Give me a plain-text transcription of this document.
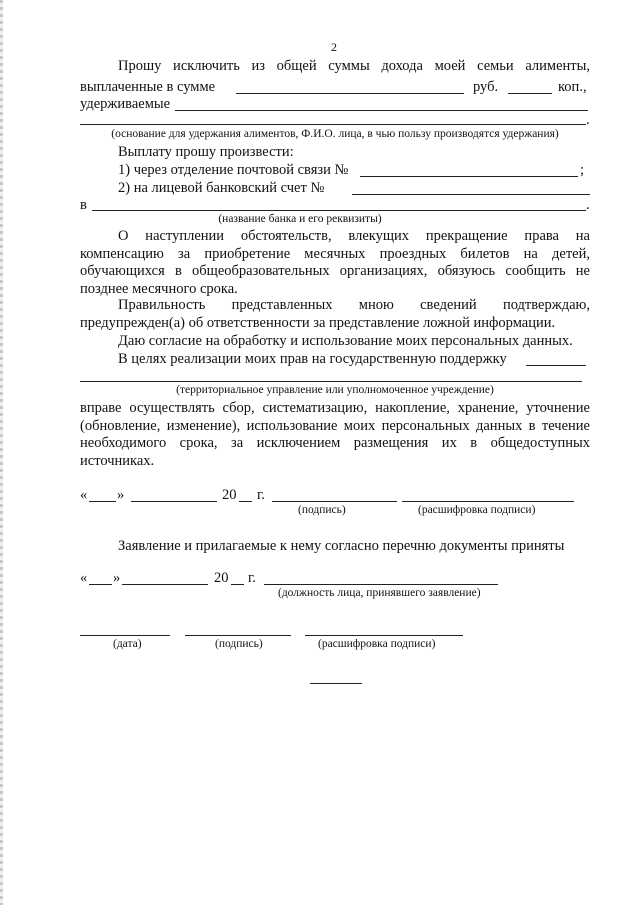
2
Прошу исключить из общей суммы дохода моей семьи алименты,
выплаченные в сумме	руб.	коп.,
удерживаемые
.
(основание для удержания алиментов, Ф.И.О. лица, в чью пользу производятся удержания)
Выплату прошу произвести:
1) через отделение почтовой связи №	;
2) на лицевой банковский счет №
в	.
(название банка и его реквизиты)
О наступлении обстоятельств, влекущих прекращение права на
компенсацию за приобретение месячных проездных билетов на детей,
обучающихся в общеобразовательных организациях, обязуюсь сообщить не
позднее месячного срока.
Правильность представленных мною сведений подтверждаю,
предупрежден(а) об ответственности за представление ложной информации.
Даю согласие на обработку и использование моих персональных данных.
В целях реализации моих прав на государственную поддержку
(территориальное управление или уполномоченное учреждение)
вправе осуществлять сбор, систематизацию, накопление, хранение, уточнение
(обновление, изменение), использование моих персональных данных в течение
необходимого срока, за исключением размещения их в общедоступных
источниках.
« »	20 г.
(подпись)	(расшифровка подписи)
Заявление и прилагаемые к нему согласно перечню документы приняты
« »	20 г.
(должность лица, принявшего заявление)
(дата)	(подпись)	(расшифровка подписи)
